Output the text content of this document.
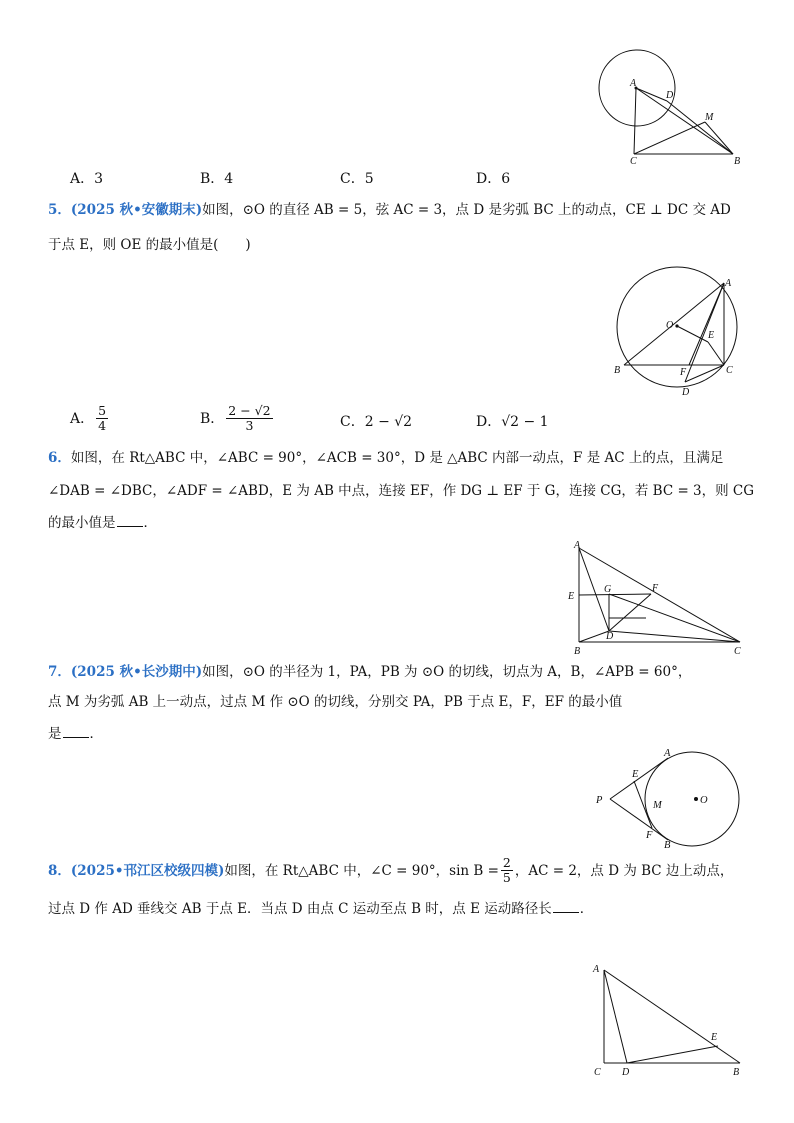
A
D
M
C	B
A．3	B．4	C．5	D．6
5．(2025 秋•安徽期末)如图，⊙O 的直径 AB = 5，弦 AC = 3，点 D 是劣弧 BC 上的动点，CE ⊥ DC 交 AD
于点 E，则 OE 的最小值是(　　)
A
O
E
B	F	C
D
A． $\frac{5}{4}$	B． $\frac{2 - √2}{3}$	C．2 − √2	D．√2 − 1
6．如图，在 Rt△ABC 中，∠ABC = 90°，∠ACB = 30°，D 是 △ABC 内部一动点，F 是 AC 上的点，且满足
∠DAB = ∠DBC，∠ADF = ∠ABD，E 为 AB 中点，连接 EF，作 DG ⊥ EF 于 G，连接 CG，若 BC = 3，则 CG
的最小值是 ．
A
G	F
E
D
B	C
7．(2025 秋•长沙期中)如图，⊙O 的半径为 1，PA，PB 为 ⊙O 的切线，切点为 A，B，∠APB = 60°，
点 M 为劣弧 AB 上一动点，过点 M 作 ⊙O 的切线，分别交 PA，PB 于点 E，F，EF 的最小值
是 ．
A
E
P	M	O
F
B
8． (2025•邗江区校级四模) 如图，在 Rt△ABC 中，∠C = 90°，$\sin B = \frac{2}{5}$ ，AC = 2，点 D 为 BC 边上动点，
过点 D 作 AD 垂线交 AB 于点 E．当点 D 由点 C 运动至点 B 时，点 E 运动路径长 ．
A
E
C D	B
